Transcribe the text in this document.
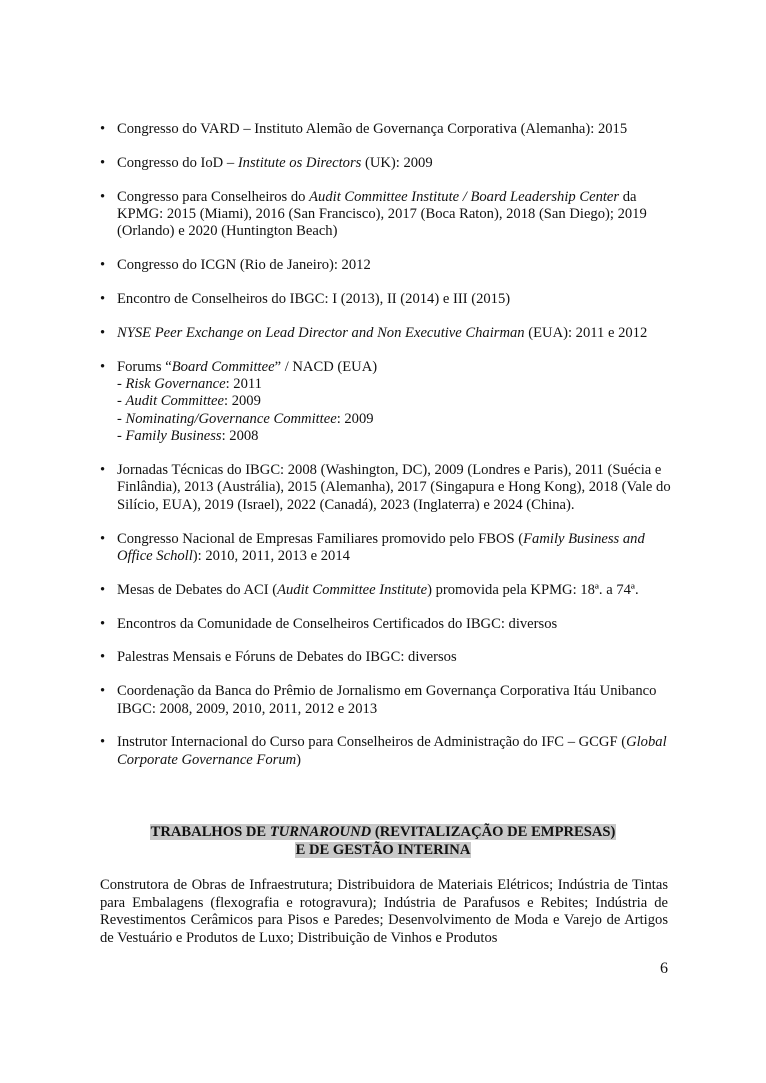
• Congresso do VARD – Instituto Alemão de Governança Corporativa (Alemanha): 2015
• Congresso do IoD – Institute os Directors (UK): 2009
• Congresso para Conselheiros do Audit Committee Institute / Board Leadership Center da KPMG: 2015 (Miami), 2016 (San Francisco), 2017 (Boca Raton), 2018 (San Diego); 2019 (Orlando) e 2020 (Huntington Beach)
• Congresso do ICGN (Rio de Janeiro): 2012
• Encontro de Conselheiros do IBGC: I (2013), II (2014) e III (2015)
• NYSE Peer Exchange on Lead Director and Non Executive Chairman (EUA): 2011 e 2012
• Forums “Board Committee” / NACD (EUA)
- Risk Governance: 2011
- Audit Committee: 2009
- Nominating/Governance Committee: 2009
- Family Business: 2008
• Jornadas Técnicas do IBGC: 2008 (Washington, DC), 2009 (Londres e Paris), 2011 (Suécia e Finlândia), 2013 (Austrália), 2015 (Alemanha), 2017 (Singapura e Hong Kong), 2018 (Vale do Silício, EUA), 2019 (Israel), 2022 (Canadá), 2023 (Inglaterra) e 2024 (China).
• Congresso Nacional de Empresas Familiares promovido pelo FBOS (Family Business and Office Scholl): 2010, 2011, 2013 e 2014
• Mesas de Debates do ACI (Audit Committee Institute) promovida pela KPMG: 18ª. a 74ª.
• Encontros da Comunidade de Conselheiros Certificados do IBGC: diversos
• Palestras Mensais e Fóruns de Debates do IBGC: diversos
• Coordenação da Banca do Prêmio de Jornalismo em Governança Corporativa Itáu Unibanco IBGC: 2008, 2009, 2010, 2011, 2012 e 2013
• Instrutor Internacional do Curso para Conselheiros de Administração do IFC – GCGF (Global Corporate Governance Forum)
TRABALHOS DE TURNAROUND (REVITALIZAÇÃO DE EMPRESAS)
E DE GESTÃO INTERINA

Construtora de Obras de Infraestrutura; Distribuidora de Materiais Elétricos; Indústria de Tintas para Embalagens (flexografia e rotogravura); Indústria de Parafusos e Rebites; Indústria de Revestimentos Cerâmicos para Pisos e Paredes; Desenvolvimento de Moda e Varejo de Artigos de Vestuário e Produtos de Luxo; Distribuição de Vinhos e Produtos

6
